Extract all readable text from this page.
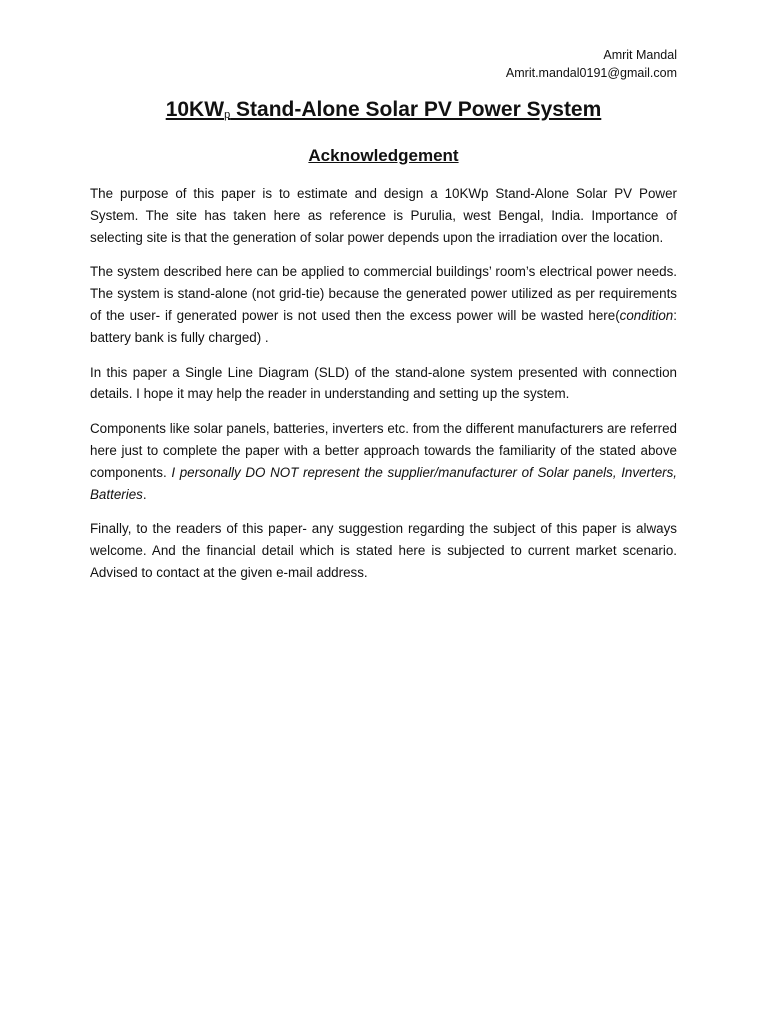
Amrit Mandal
Amrit.mandal0191@gmail.com
$10KW_p$ Stand-Alone Solar PV Power System
Acknowledgement

The purpose of this paper is to estimate and design a 10KWp Stand-Alone Solar PV Power System. The site has taken here as reference is Purulia, west Bengal, India. Importance of selecting site is that the generation of solar power depends upon the irradiation over the location.

The system described here can be applied to commercial buildings’ room’s electrical power needs. The system is stand-alone (not grid-tie) because the generated power utilized as per requirements of the user- if generated power is not used then the excess power will be wasted here(condition: battery bank is fully charged) .

In this paper a Single Line Diagram (SLD) of the stand-alone system presented with connection details. I hope it may help the reader in understanding and setting up the system.

Components like solar panels, batteries, inverters etc. from the different manufacturers are referred here just to complete the paper with a better approach towards the familiarity of the stated above components. I personally DO NOT represent the supplier/manufacturer of Solar panels, Inverters, Batteries.

Finally, to the readers of this paper- any suggestion regarding the subject of this paper is always welcome. And the financial detail which is stated here is subjected to current market scenario. Advised to contact at the given e-mail address.
